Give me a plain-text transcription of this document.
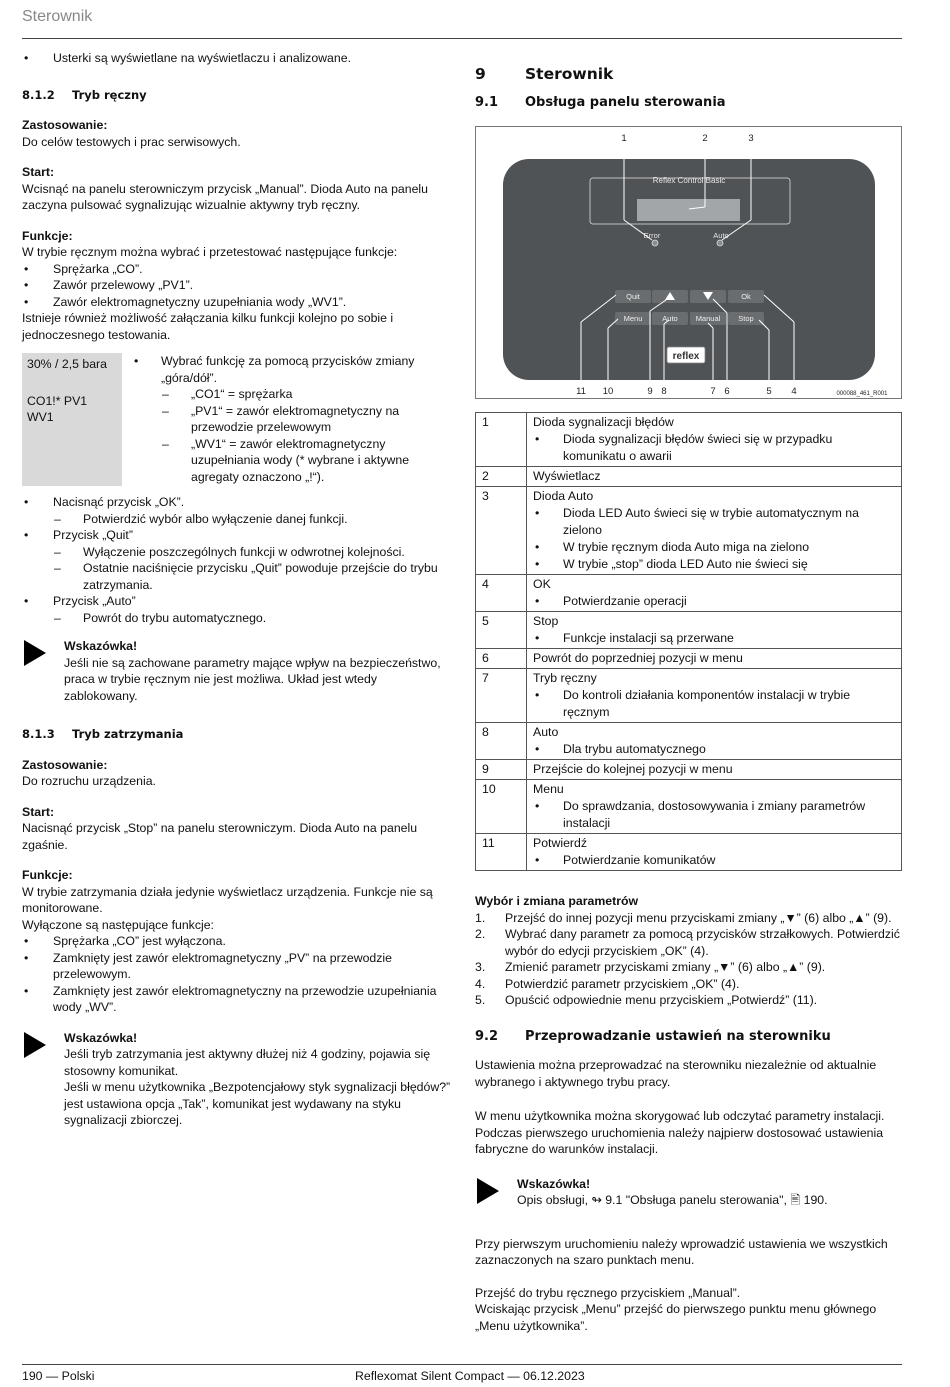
Sterownik

• Usterki są wyświetlane na wyświetlaczu i analizowane.

8.1.2 Tryb ręczny

Zastosowanie:

Do celów testowych i prac serwisowych.

Start:

Wcisnąć na panelu sterowniczym przycisk „Manual”. Dioda Auto na panelu zaczyna pulsować sygnalizując wizualnie aktywny tryb ręczny.

Funkcje:

W trybie ręcznym można wybrać i przetestować następujące funkcje:

• Sprężarka „CO”.

• Zawór przelewowy „PV1”.

• Zawór elektromagnetyczny uzupełniania wody „WV1”.

Istnieje również możliwość załączania kilku funkcji kolejno po sobie i jednoczesnego testowania.

30% / 2,5 bara

CO1!* PV1 WV1

• Wybrać funkcję za pomocą przycisków zmiany „góra/dół”.

– „CO1“ = sprężarka

– „PV1“ = zawór elektromagnetyczny na przewodzie przelewowym

– „WV1“ = zawór elektromagnetyczny uzupełniania wody (* wybrane i aktywne agregaty oznaczono „!“).

• Nacisnąć przycisk „OK”.

– Potwierdzić wybór albo wyłączenie danej funkcji.

• Przycisk „Quit”

– Wyłączenie poszczególnych funkcji w odwrotnej kolejności.

– Ostatnie naciśnięcie przycisku „Quit” powoduje przejście do trybu zatrzymania.

• Przycisk „Auto”

– Powrót do trybu automatycznego.

Wskazówka!

Jeśli nie są zachowane parametry mające wpływ na bezpieczeństwo, praca w trybie ręcznym nie jest możliwa. Układ jest wtedy zablokowany.

8.1.3 Tryb zatrzymania

Zastosowanie:

Do rozruchu urządzenia.

Start:

Nacisnąć przycisk „Stop” na panelu sterowniczym. Dioda Auto na panelu zgaśnie.

Funkcje:

W trybie zatrzymania działa jedynie wyświetlacz urządzenia. Funkcje nie są monitorowane.

Wyłączone są następujące funkcje:

• Sprężarka „CO” jest wyłączona.

• Zamknięty jest zawór elektromagnetyczny „PV” na przewodzie przelewowym.

• Zamknięty jest zawór elektromagnetyczny na przewodzie uzupełniania wody „WV”.

Wskazówka!

Jeśli tryb zatrzymania jest aktywny dłużej niż 4 godziny, pojawia się stosowny komunikat.

Jeśli w menu użytkownika „Bezpotencjałowy styk sygnalizacji błędów?” jest ustawiona opcja „Tak”, komunikat jest wydawany na styku sygnalizacji zbiorczej.

9	Sterownik

9.1 Obsługa panelu sterowania

Reflex Control Basic
Error	Auto
Quit	Ok
Menu	Auto Manual Stop
reflex
1	2	3
11 10	9 8	7 6	5 4	000088_461_R001
1	Dioda sygnalizacji błędów
• Dioda sygnalizacji błędów świeci się w przypadku komunikatu o awarii

2	Wyświetlacz

3	Dioda Auto
• Dioda LED Auto świeci się w trybie automatycznym na zielono
• W trybie ręcznym dioda Auto miga na zielono
• W trybie „stop” dioda LED Auto nie świeci się

4	OK
• Potwierdzanie operacji

5	Stop
• Funkcje instalacji są przerwane

6	Powrót do poprzedniej pozycji w menu

7	Tryb ręczny
• Do kontroli działania komponentów instalacji w trybie ręcznym

8	Auto
• Dla trybu automatycznego

9	Przejście do kolejnej pozycji w menu

10	Menu
• Do sprawdzania, dostosowywania i zmiany parametrów instalacji

11	Potwierdź
• Potwierdzanie komunikatów

Wybór i zmiana parametrów

1. Przejść do innej pozycji menu przyciskami zmiany „▼” (6) albo „▲” (9).

2. Wybrać dany parametr za pomocą przycisków strzałkowych. Potwierdzić wybór do edycji przyciskiem „OK” (4).

3. Zmienić parametr przyciskami zmiany „▼” (6) albo „▲” (9).

4. Potwierdzić parametr przyciskiem „OK” (4).

5. Opuścić odpowiednie menu przyciskiem „Potwierdź” (11).

9.2 Przeprowadzanie ustawień na sterowniku

Ustawienia można przeprowadzać na sterowniku niezależnie od aktualnie wybranego i aktywnego trybu pracy.

W menu użytkownika można skorygować lub odczytać parametry instalacji. Podczas pierwszego uruchomienia należy najpierw dostosować ustawienia fabryczne do warunków instalacji.

Wskazówka!

Opis obsługi, ↬ 9.1 "Obsługa panelu sterowania", 🖹 190.

Przy pierwszym uruchomieniu należy wprowadzić ustawienia we wszystkich zaznaczonych na szaro punktach menu.

Przejść do trybu ręcznego przyciskiem „Manual”.

Wciskając przycisk „Menu” przejść do pierwszego punktu menu głównego „Menu użytkownika”.

190 — Polski	Reflexomat Silent Compact — 06.12.2023
